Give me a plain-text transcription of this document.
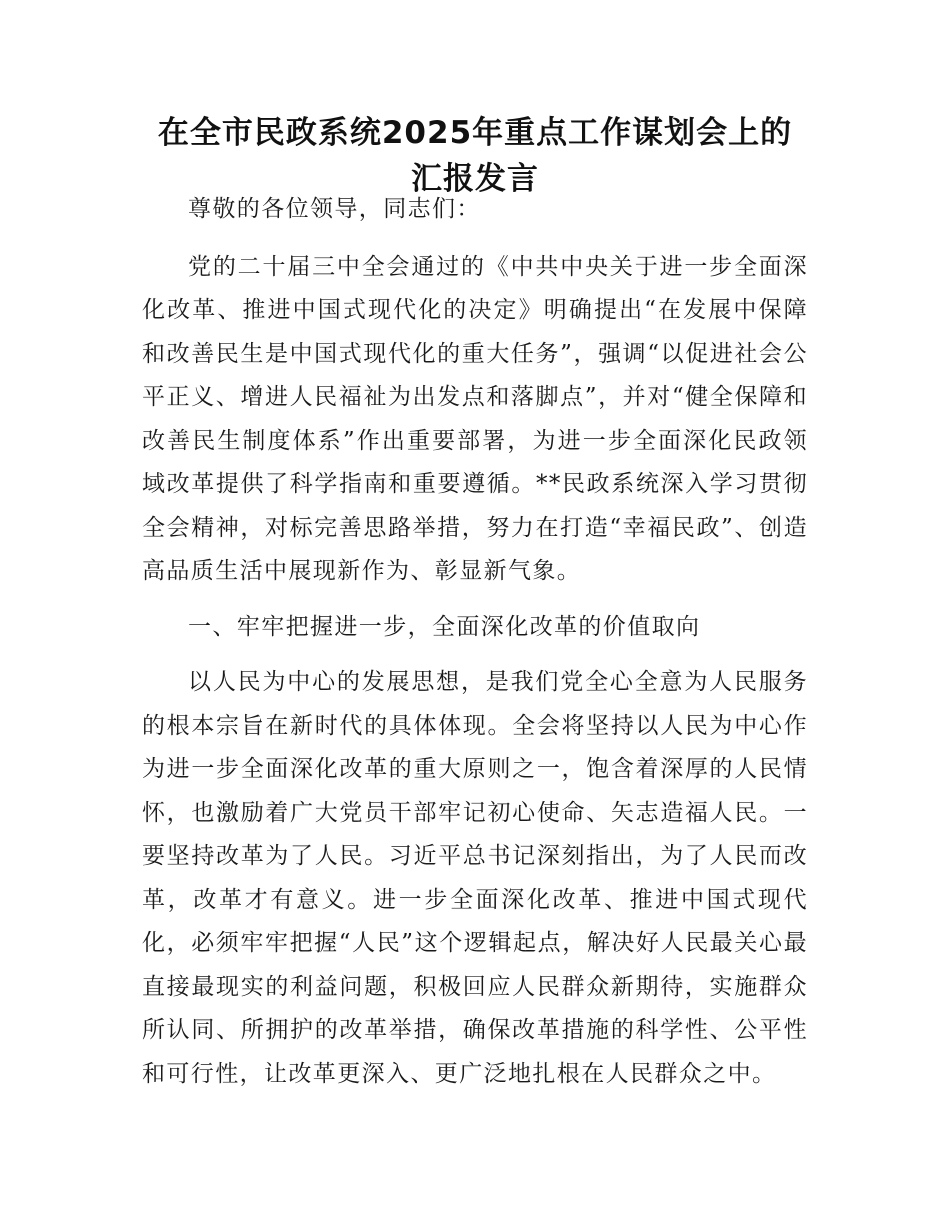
在全市民政系统2025年重点工作谋划会上的汇报发言

尊敬的各位领导，同志们：

党的二十届三中全会通过的《中共中央关于进一步全面深化改革、推进中国式现代化的决定》明确提出“在发展中保障和改善民生是中国式现代化的重大任务”，强调“以促进社会公平正义、增进人民福祉为出发点和落脚点”，并对“健全保障和改善民生制度体系”作出重要部署，为进一步全面深化民政领域改革提供了科学指南和重要遵循。**民政系统深入学习贯彻全会精神，对标完善思路举措，努力在打造“幸福民政”、创造高品质生活中展现新作为、彰显新气象。

一、牢牢把握进一步，全面深化改革的价值取向

以人民为中心的发展思想，是我们党全心全意为人民服务的根本宗旨在新时代的具体体现。全会将坚持以人民为中心作为进一步全面深化改革的重大原则之一，饱含着深厚的人民情怀，也激励着广大党员干部牢记初心使命、矢志造福人民。一要坚持改革为了人民。习近平总书记深刻指出，为了人民而改革，改革才有意义。进一步全面深化改革、推进中国式现代化，必须牢牢把握“人民”这个逻辑起点，解决好人民最关心最直接最现实的利益问题，积极回应人民群众新期待，实施群众所认同、所拥护的改革举措，确保改革措施的科学性、公平性和可行性，让改革更深入、更广泛地扎根在人民群众之中。
